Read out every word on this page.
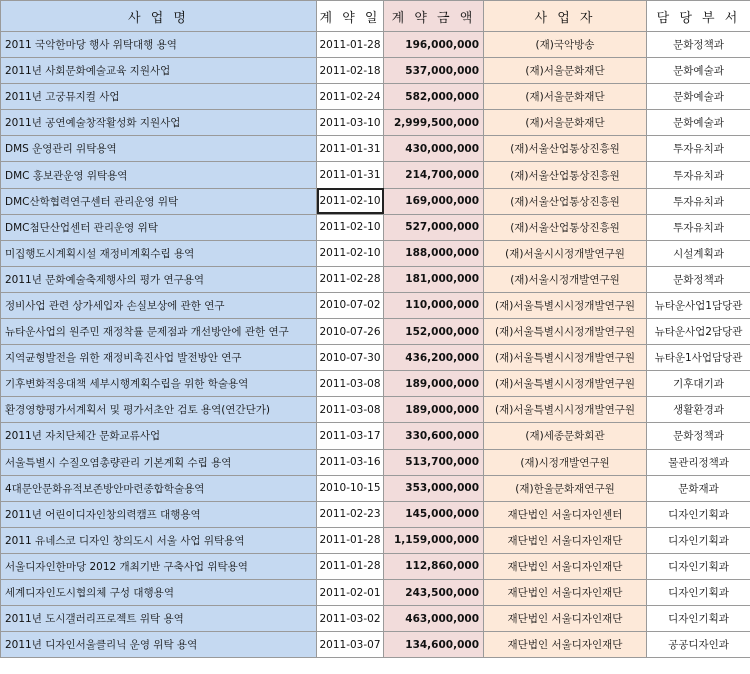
사 업 명	계 약 일	계 약 금 액	사 업 자	담 당 부 서
2011 국악한마당 행사 위탁대행 용역	2011-01-28	196,000,000	(재)국악방송	문화정책과
2011년 사회문화예술교육 지원사업	2011-02-18	537,000,000	(재)서울문화재단	문화예술과
2011년 고궁뮤지컬 사업	2011-02-24	582,000,000	(재)서울문화재단	문화예술과
2011년 공연예술창작활성화 지원사업	2011-03-10	2,999,500,000	(재)서울문화재단	문화예술과
DMS 운영관리 위탁용역	2011-01-31	430,000,000	(재)서울산업통상진흥원	투자유치과
DMC 홍보관운영 위탁용역	2011-01-31	214,700,000	(재)서울산업통상진흥원	투자유치과
DMC산학협력연구센터 관리운영 위탁	2011-02-10	169,000,000	(재)서울산업통상진흥원	투자유치과
DMC첨단산업센터 관리운영 위탁	2011-02-10	527,000,000	(재)서울산업통상진흥원	투자유치과
미집행도시계획시설 재정비계획수립 용역	2011-02-10	188,000,000	(재)서울시시정개발연구원	시설계획과
2011년 문화예술축제행사의 평가 연구용역	2011-02-28	181,000,000	(재)서울시정개발연구원	문화정책과
정비사업 관련 상가세입자 손실보상에 관한 연구	2010-07-02	110,000,000	(재)서울특별시시정개발연구원	뉴타운사업1담당관
뉴타운사업의 원주민 재정착률 문제점과 개선방안에 관한 연구	2010-07-26	152,000,000	(재)서울특별시시정개발연구원	뉴타운사업2담당관
지역균형발전을 위한 재정비촉진사업 발전방안 연구	2010-07-30	436,200,000	(재)서울특별시시정개발연구원	뉴타운1사업담당관
기후변화적응대책 세부시행계획수립을 위한 학술용역	2011-03-08	189,000,000	(재)서울특별시시정개발연구원	기후대기과
환경영향평가서계획서 및 평가서초안 검토 용역(연간단가)	2011-03-08	189,000,000	(재)서울특별시시정개발연구원	생활환경과
2011년 자치단체간 문화교류사업	2011-03-17	330,600,000	(재)세종문화회관	문화정책과
서울특별시 수질오염총량관리 기본계획 수립 용역	2011-03-16	513,700,000	(재)시정개발연구원	물관리정책과
4대문안문화유적보존방안마련종합학술용역	2010-10-15	353,000,000	(재)한울문화재연구원	문화재과
2011년 어린이디자인창의력캠프 대행용역	2011-02-23	145,000,000	재단법인 서울디자인센터	디자인기획과
2011 유네스코 디자인 창의도시 서울 사업 위탁용역	2011-01-28	1,159,000,000	재단법인 서울디자인재단	디자인기획과
서울디자인한마당 2012 개최기반 구축사업 위탁용역	2011-01-28	112,860,000	재단법인 서울디자인재단	디자인기획과
세계디자인도시협의체 구성 대행용역	2011-02-01	243,500,000	재단법인 서울디자인재단	디자인기획과
2011년 도시갤러리프로젝트 위탁 용역	2011-03-02	463,000,000	재단법인 서울디자인재단	디자인기획과
2011년 디자인서울클리닉 운영 위탁 용역	2011-03-07	134,600,000	재단법인 서울디자인재단	공공디자인과
